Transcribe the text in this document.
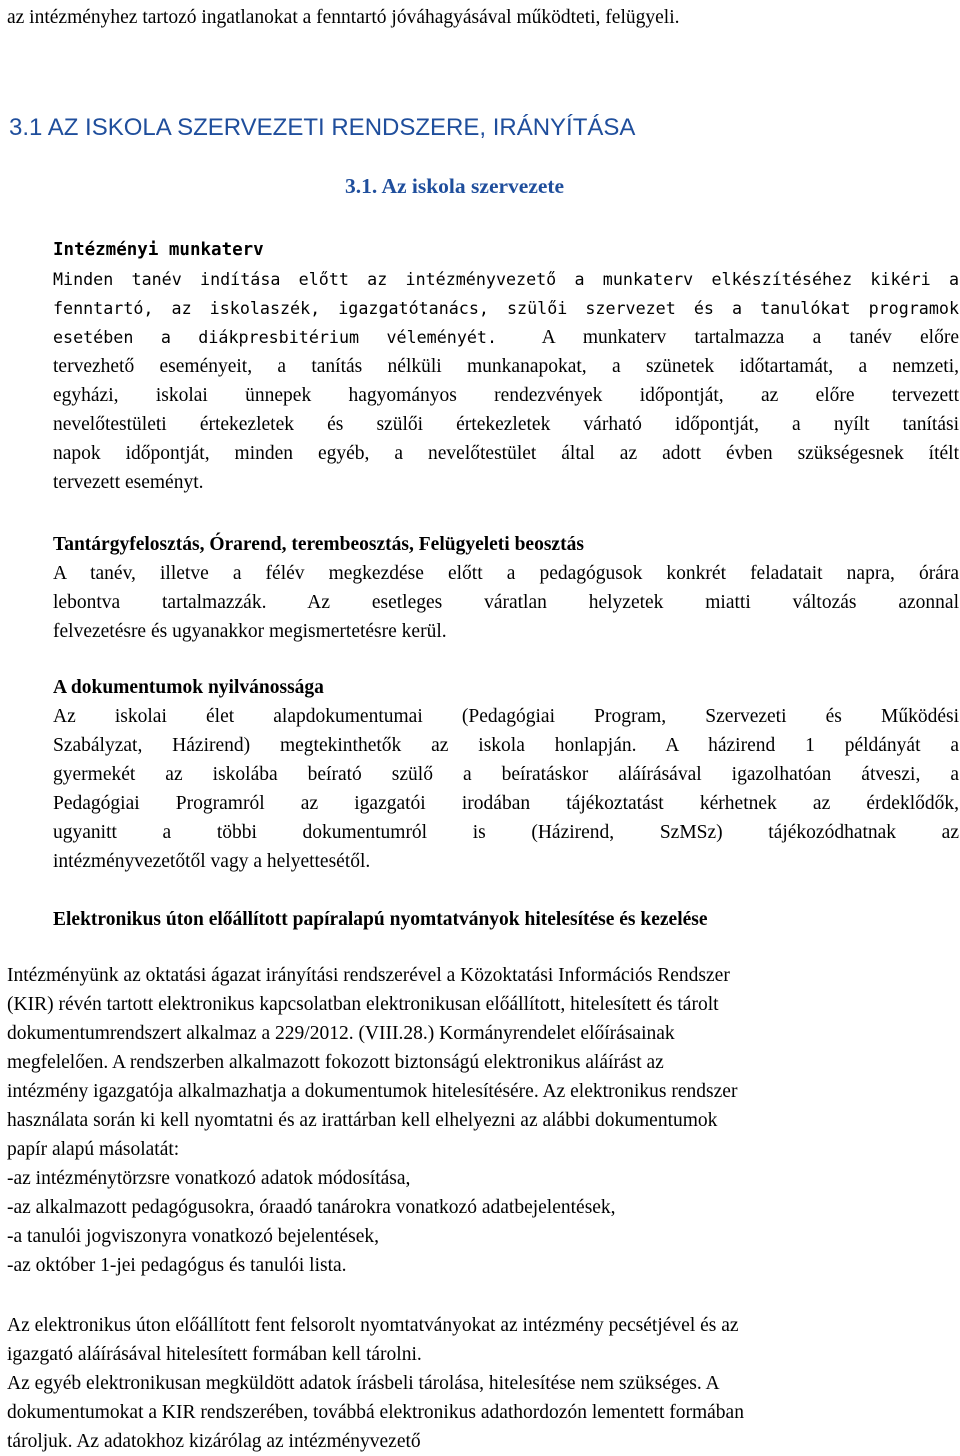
az intézményhez tartozó ingatlanokat a fenntartó jóváhagyásával működteti, felügyeli.
3.1 AZ ISKOLA SZERVEZETI RENDSZERE, IRÁNYÍTÁSA
3.1. Az iskola szervezete
Intézményi munkaterv
Minden tanév indítása előtt az intézményvezető a munkaterv elkészítéséhez kikéri a
fenntartó, az iskolaszék, igazgatótanács, szülői szervezet és a tanulókat programok
esetében a diákpresbitérium véleményét. A munkaterv tartalmazza a tanév előre
tervezhető eseményeit, a tanítás nélküli munkanapokat, a szünetek időtartamát, a nemzeti,
egyházi, iskolai ünnepek hagyományos rendezvények időpontját, az előre tervezett
nevelőtestületi értekezletek és szülői értekezletek várható időpontját, a nyílt tanítási
napok időpontját, minden egyéb, a nevelőtestület által az adott évben szükségesnek ítélt
tervezett eseményt.
Tantárgyfelosztás, Órarend, terembeosztás, Felügyeleti beosztás
A tanév, illetve a félév megkezdése előtt a pedagógusok konkrét feladatait napra, órára
lebontva tartalmazzák. Az esetleges váratlan helyzetek miatti változás azonnal
felvezetésre és ugyanakkor megismertetésre kerül.
A dokumentumok nyilvánossága
Az iskolai élet alapdokumentumai (Pedagógiai Program, Szervezeti és Működési
Szabályzat, Házirend) megtekinthetők az iskola honlapján. A házirend 1 példányát a
gyermekét az iskolába beírató szülő a beíratáskor aláírásával igazolhatóan átveszi, a
Pedagógiai Programról az igazgatói irodában tájékoztatást kérhetnek az érdeklődők,
ugyanitt a többi dokumentumról is (Házirend, SzMSz) tájékozódhatnak az
intézményvezetőtől vagy a helyettesétől.
Elektronikus úton előállított papíralapú nyomtatványok hitelesítése és kezelése
Intézményünk az oktatási ágazat irányítási rendszerével a Közoktatási Információs Rendszer
(KIR) révén tartott elektronikus kapcsolatban elektronikusan előállított, hitelesített és tárolt
dokumentumrendszert alkalmaz a 229/2012. (VIII.28.) Kormányrendelet előírásainak
megfelelően. A rendszerben alkalmazott fokozott biztonságú elektronikus aláírást az
intézmény igazgatója alkalmazhatja a dokumentumok hitelesítésére. Az elektronikus rendszer
használata során ki kell nyomtatni és az irattárban kell elhelyezni az alábbi dokumentumok
papír alapú másolatát:
-az intézménytörzsre vonatkozó adatok módosítása,
-az alkalmazott pedagógusokra, óraadó tanárokra vonatkozó adatbejelentések,
-a tanulói jogviszonyra vonatkozó bejelentések,
-az október 1-jei pedagógus és tanulói lista.
Az elektronikus úton előállított fent felsorolt nyomtatványokat az intézmény pecsétjével és az
igazgató aláírásával hitelesített formában kell tárolni.
Az egyéb elektronikusan megküldött adatok írásbeli tárolása, hitelesítése nem szükséges. A
dokumentumokat a KIR rendszerében, továbbá elektronikus adathordozón lementett formában
tároljuk. Az adatokhoz kizárólag az intézményvezető
